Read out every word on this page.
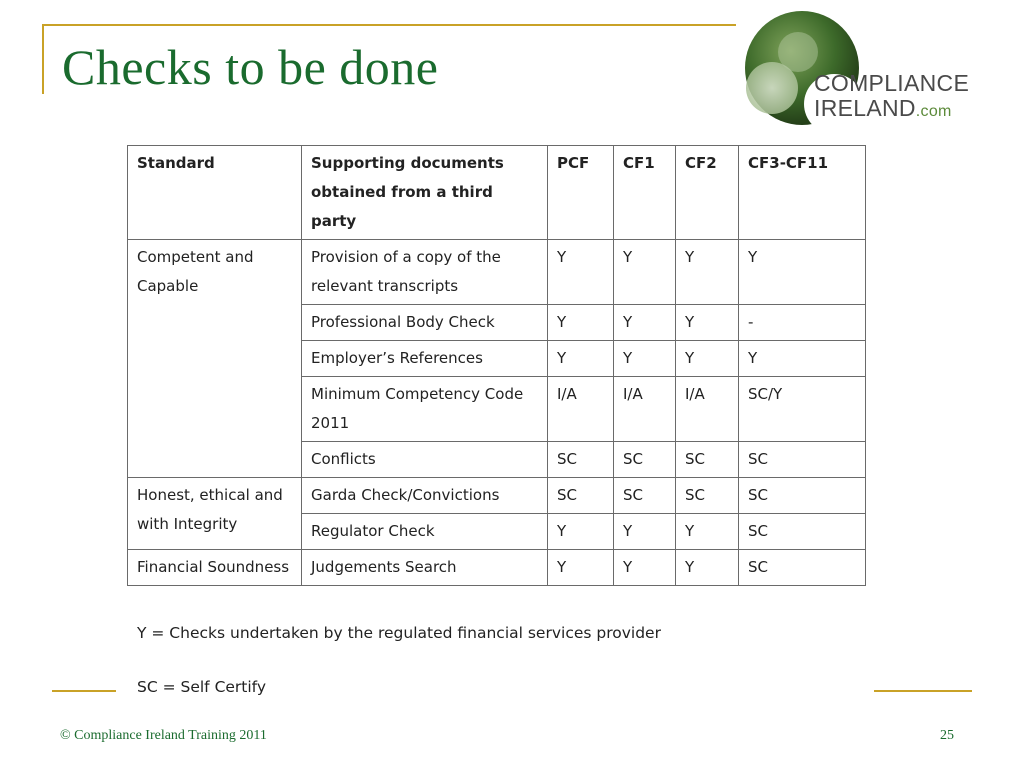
Checks to be done	COMPLIANCE
IRELAND.com
Standard	Supporting documents obtained from a third party	PCF	CF1	CF2	CF3-CF11
Competent and Capable	Provision of a copy of the relevant transcripts	Y	Y	Y	Y
	Professional Body Check	Y	Y	Y	-
	Employer’s References	Y	Y	Y	Y
	Minimum Competency Code 2011	I/A	I/A	I/A	SC/Y
	Conflicts	SC	SC	SC	SC
Honest, ethical and with Integrity	Garda Check/Convictions	SC	SC	SC	SC
	Regulator Check	Y	Y	Y	SC
Financial Soundness	Judgements Search	Y	Y	Y	SC
Y = Checks undertaken by the regulated financial services provider
SC = Self Certify
© Compliance Ireland Training 2011	25
